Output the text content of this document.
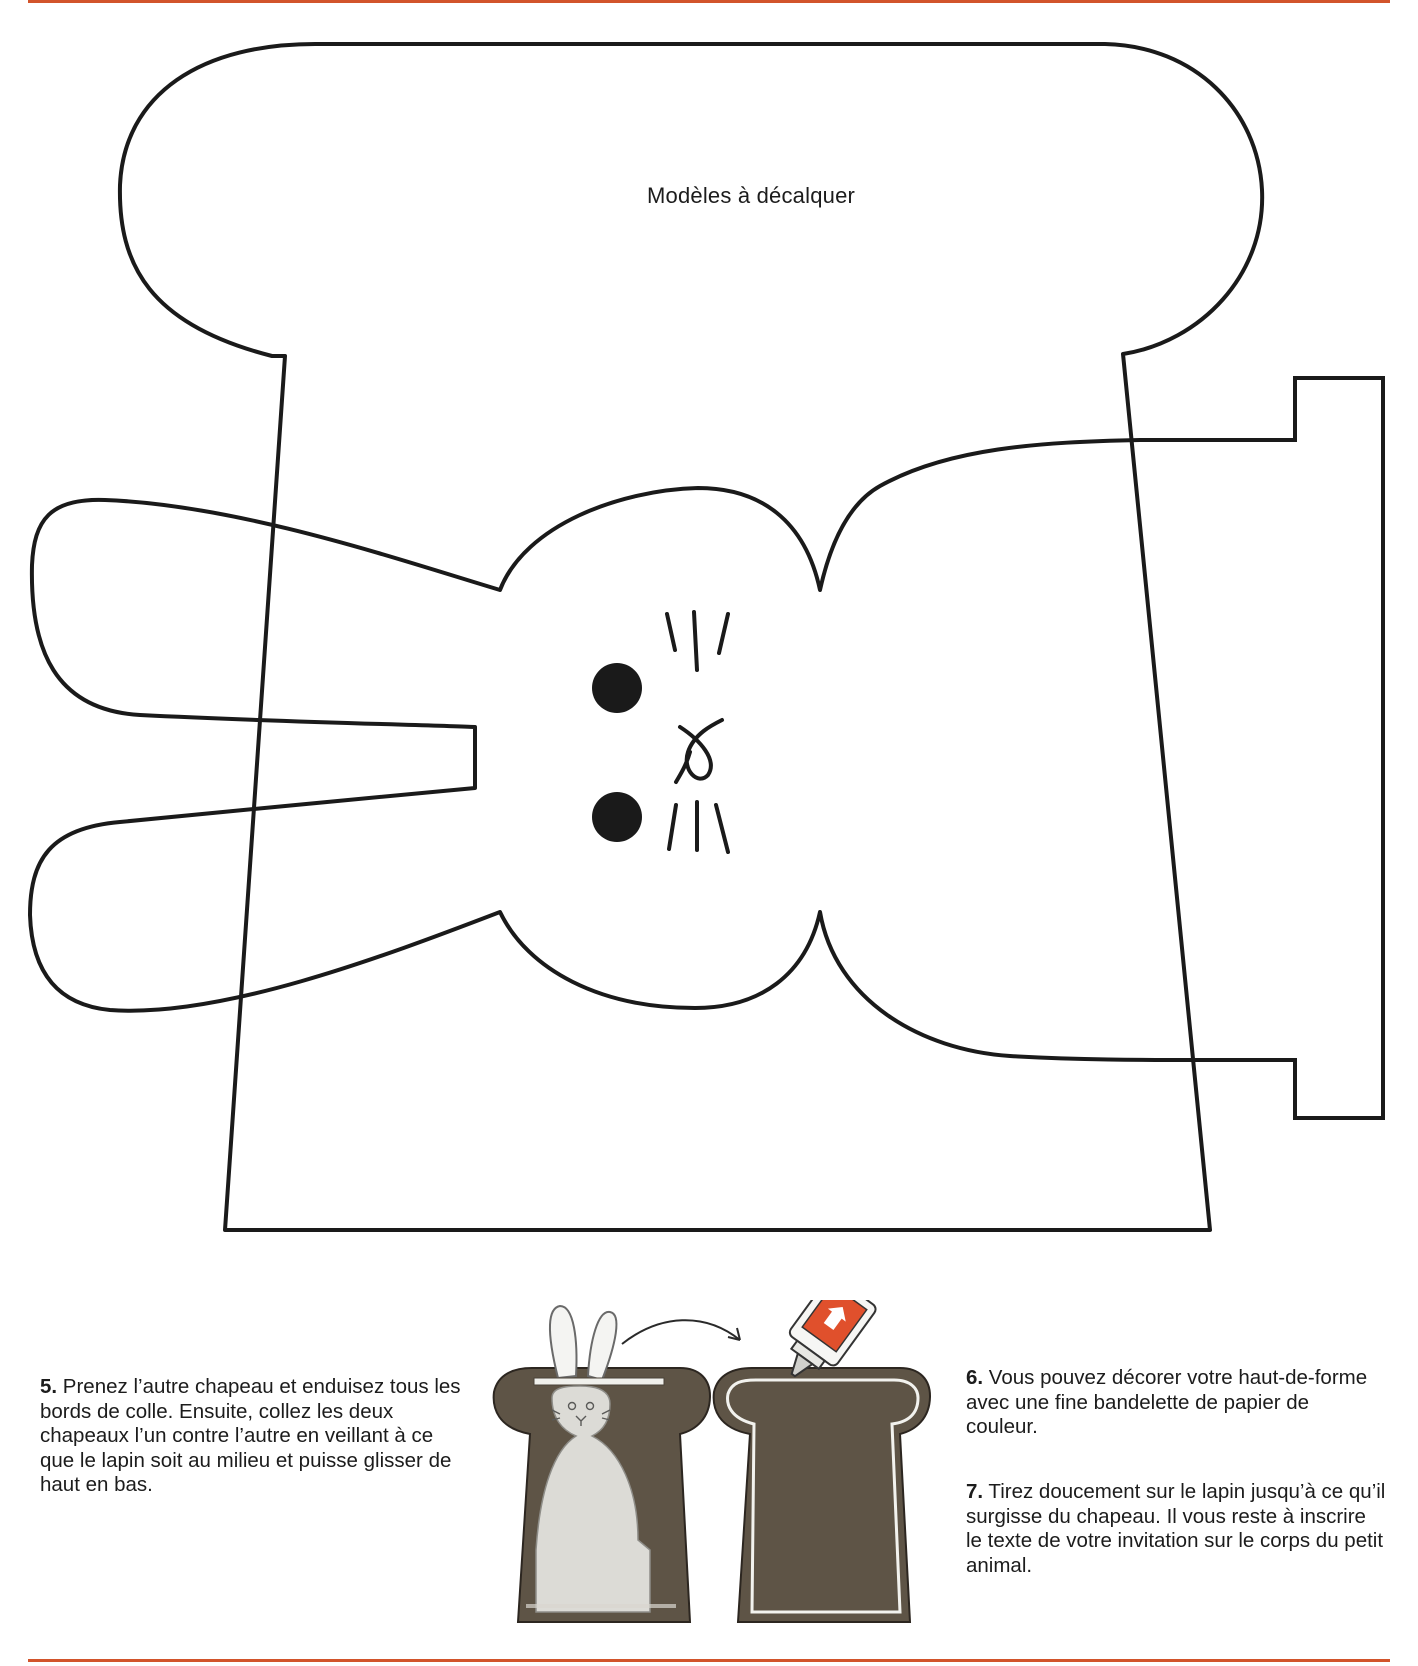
Modèles à décalquer
5. Prenez l’autre chapeau et enduisez tous les bords de colle. Ensuite, collez les deux chapeaux l’un contre l’autre en veillant à ce que le lapin soit au milieu et puisse glisser de haut en bas.
6. Vous pouvez décorer votre haut-de-forme avec une fine bandelette de papier de couleur.
7. Tirez doucement sur le lapin jusqu’à ce qu’il surgisse du chapeau. Il vous reste à inscrire le texte de votre invitation sur le corps du petit animal.
